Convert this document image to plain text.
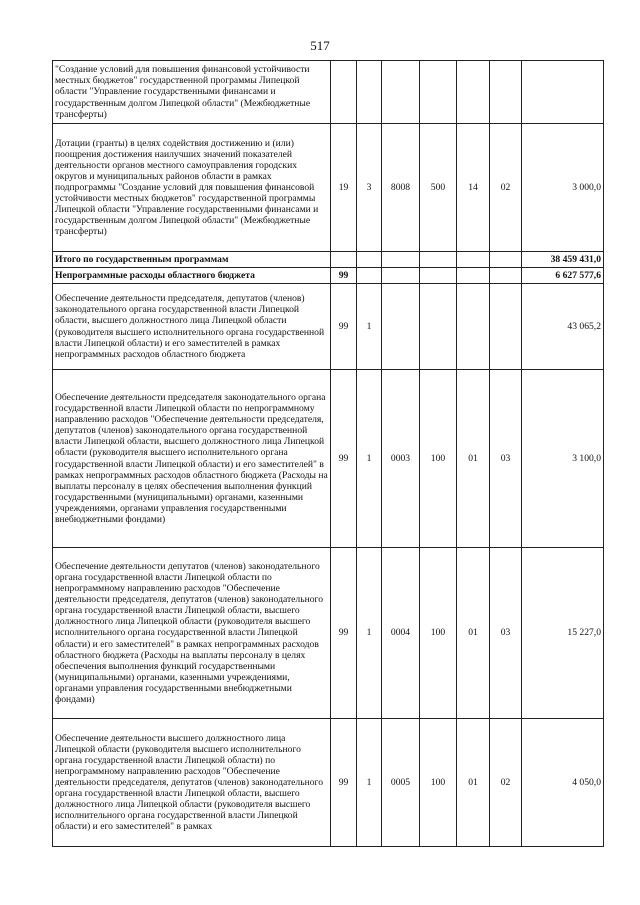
517
"Создание условий для повышения финансовой устойчивости местных бюджетов" государственной программы Липецкой области "Управление государственными финансами и государственным долгом Липецкой области" (Межбюджетные трансферты)							
Дотации (гранты) в целях содействия достижению и (или) поощрения достижения наилучших значений показателей деятельности органов местного самоуправления городских округов и муниципальных районов области в рамках подпрограммы "Создание условий для повышения финансовой устойчивости местных бюджетов" государственной программы Липецкой области "Управление государственными финансами и государственным долгом Липецкой области" (Межбюджетные трансферты)	19	3	8008	500	14	02	3 000,0
Итого по государственным программам							38 459 431,0
Непрограммные расходы областного бюджета	99						6 627 577,6
Обеспечение деятельности председателя, депутатов (членов) законодательного органа государственной власти Липецкой области, высшего должностного лица Липецкой области (руководителя высшего исполнительного органа государственной власти Липецкой области) и его заместителей в рамках непрограммных расходов областного бюджета	99	1					43 065,2
Обеспечение деятельности председателя законодательного органа государственной власти Липецкой области по непрограммному направлению расходов "Обеспечение деятельности председателя, депутатов (членов) законодательного органа государственной власти Липецкой области, высшего должностного лица Липецкой области (руководителя высшего исполнительного органа государственной власти Липецкой области) и его заместителей" в рамках непрограммных расходов областного бюджета (Расходы на выплаты персоналу в целях обеспечения выполнения функций государственными (муниципальными) органами, казенными учреждениями, органами управления государственными внебюджетными фондами)	99	1	0003	100	01	03	3 100,0
Обеспечение деятельности депутатов (членов) законодательного органа государственной власти Липецкой области по непрограммному направлению расходов "Обеспечение деятельности председателя, депутатов (членов) законодательного органа государственной власти Липецкой области, высшего должностного лица Липецкой области (руководителя высшего исполнительного органа государственной власти Липецкой области) и его заместителей" в рамках непрограммных расходов областного бюджета (Расходы на выплаты персоналу в целях обеспечения выполнения функций государственными (муниципальными) органами, казенными учреждениями, органами управления государственными внебюджетными фондами)	99	1	0004	100	01	03	15 227,0
Обеспечение деятельности высшего должностного лица Липецкой области (руководителя высшего исполнительного органа государственной власти Липецкой области) по непрограммному направлению расходов "Обеспечение деятельности председателя, депутатов (членов) законодательного органа государственной власти Липецкой области, высшего должностного лица Липецкой области (руководителя высшего исполнительного органа государственной власти Липецкой области) и его заместителей" в рамках	99	1	0005	100	01	02	4 050,0
